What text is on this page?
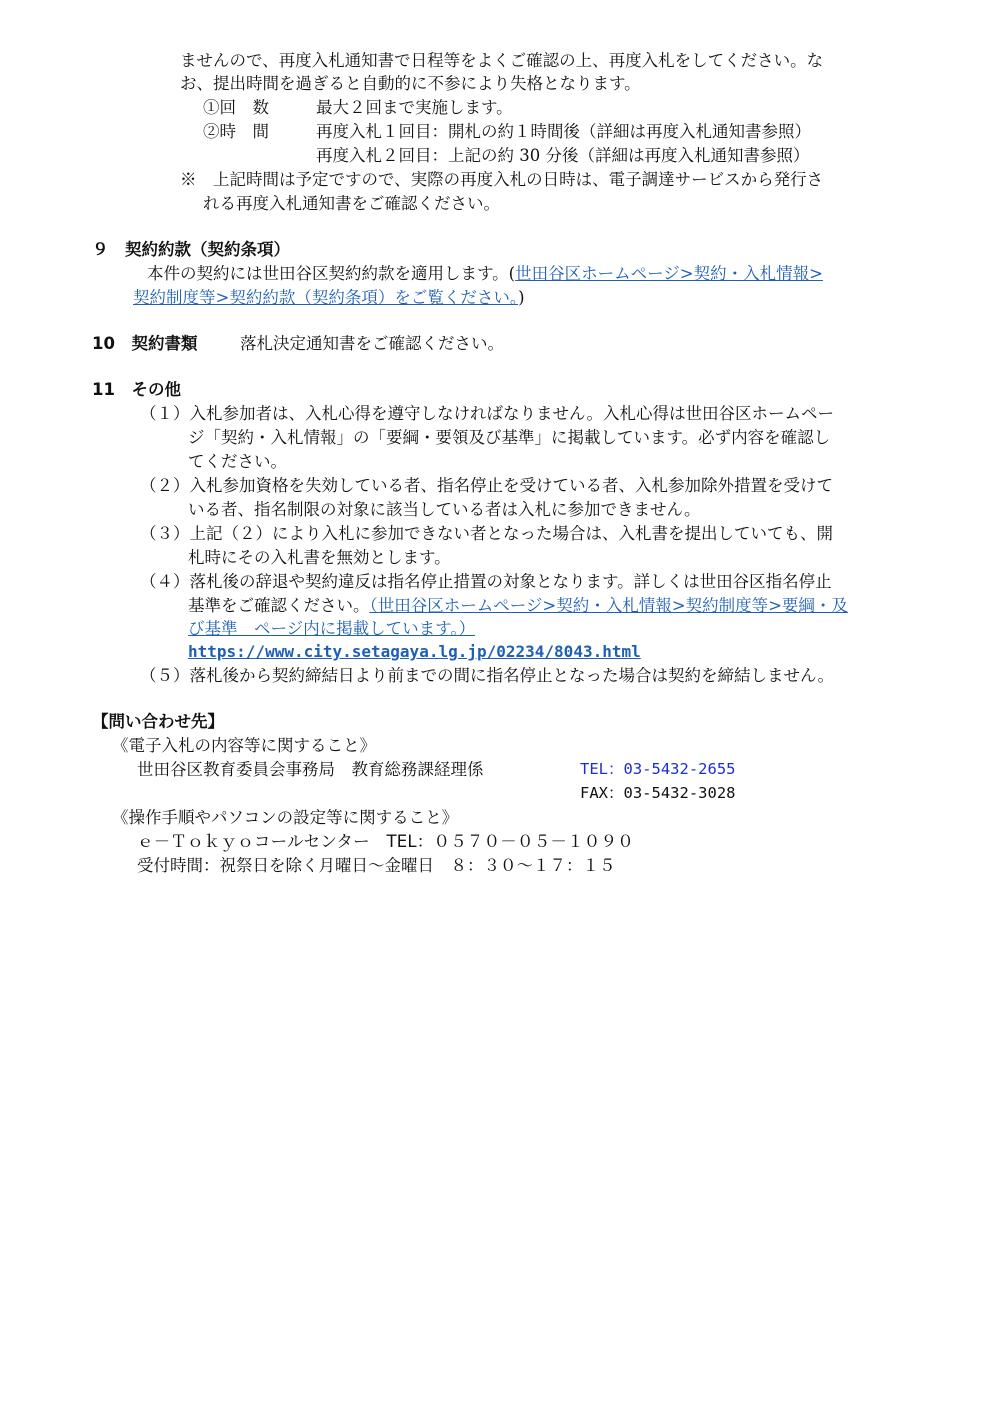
ませんので、再度入札通知書で日程等をよくご確認の上、再度入札をしてください。な
お、提出時間を過ぎると自動的に不参により失格となります。
①回　数	最大２回まで実施します。
②時　間	再度入札１回目：開札の約１時間後（詳細は再度入札通知書参照）
再度入札２回目：上記の約 30 分後（詳細は再度入札通知書参照）
※　上記時間は予定ですので、実際の再度入札の日時は、電子調達サービスから発行さ
れる再度入札通知書をご確認ください。
９　契約約款（契約条項）
本件の契約には世田谷区契約約款を適用します。(世田谷区ホームページ>契約・入札情報>
契約制度等>契約約款（契約条項）をご覧ください。)
10　契約書類	落札決定通知書をご確認ください。
11　その他
（１）入札参加者は、入札心得を遵守しなければなりません。入札心得は世田谷区ホームペー
ジ「契約・入札情報」の「要綱・要領及び基準」に掲載しています。必ず内容を確認し
てください。
（２）入札参加資格を失効している者、指名停止を受けている者、入札参加除外措置を受けて
いる者、指名制限の対象に該当している者は入札に参加できません。
（３）上記（２）により入札に参加できない者となった場合は、入札書を提出していても、開
札時にその入札書を無効とします。
（４）落札後の辞退や契約違反は指名停止措置の対象となります。詳しくは世田谷区指名停止
基準をご確認ください。（世田谷区ホームページ>契約・入札情報>契約制度等>要綱・及
び基準　ページ内に掲載しています。）
https://www.city.setagaya.lg.jp/02234/8043.html
（５）落札後から契約締結日より前までの間に指名停止となった場合は契約を締結しません。
【問い合わせ先】
《電子入札の内容等に関すること》
世田谷区教育委員会事務局　教育総務課経理係	TEL：03-5432-2655
FAX：03-5432-3028
《操作手順やパソコンの設定等に関すること》
ｅ－Ｔｏｋｙｏコールセンター　TEL：０５７０－０５－１０９０
受付時間：祝祭日を除く月曜日～金曜日　８：３０～１７：１５
